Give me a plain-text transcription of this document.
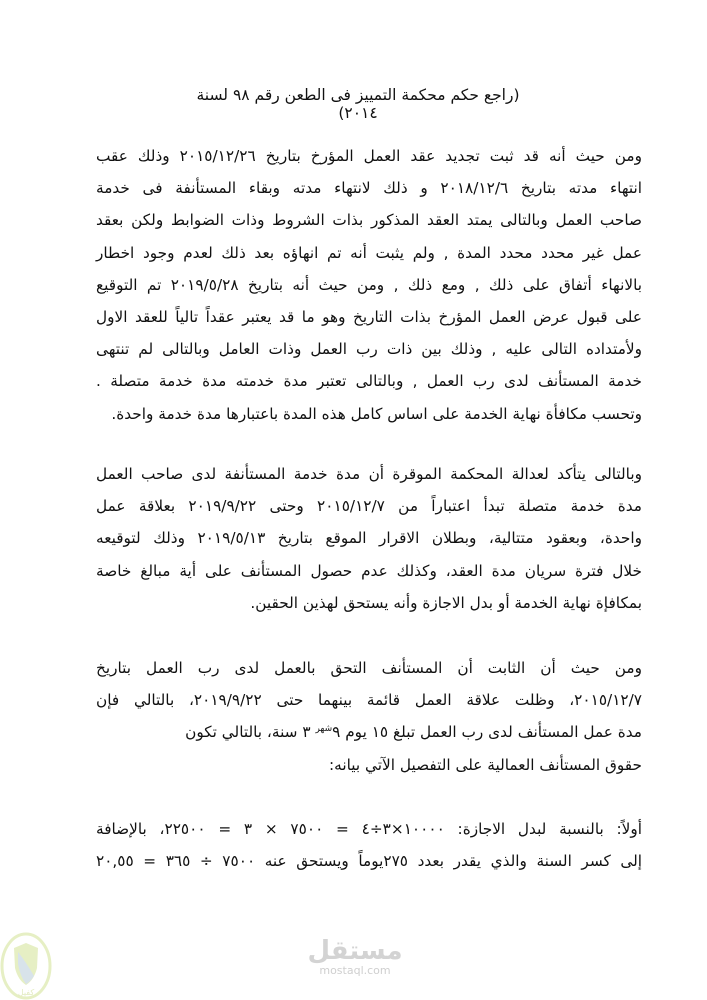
(راجع حكم محكمة التمييز فى الطعن رقم ٩٨ لسنة ٢٠١٤)
ومن حيث أنه قد ثبت تجديد عقد العمل المؤرخ بتاريخ ٢٠١٥/١٢/٢٦ وذلك عقب
انتهاء مدته بتاريخ ٢٠١٨/١٢/٦ و ذلك لانتهاء مدته وبقاء المستأنفة فى خدمة
صاحب العمل وبالتالى يمتد العقد المذكور بذات الشروط وذات الضوابط ولكن بعقد
عمل غير محدد محدد المدة , ولم يثبت أنه تم انهاؤه بعد ذلك لعدم وجود اخطار
بالانهاء أتفاق على ذلك , ومع ذلك , ومن حيث أنه بتاريخ ٢٠١٩/٥/٢٨ تم التوقيع
على قبول عرض العمل المؤرخ بذات التاريخ وهو ما قد يعتبر عقداً تالياً للعقد الاول
ولأمتداده التالى عليه , وذلك بين ذات رب العمل وذات العامل وبالتالى لم تنتهى
خدمة المستأنف لدى رب العمل , وبالتالى تعتبر مدة خدمته مدة خدمة متصلة .
وتحسب مكافأة نهاية الخدمة على اساس كامل هذه المدة باعتبارها مدة خدمة واحدة.
وبالتالى يتأكد لعدالة المحكمة الموقرة أن مدة خدمة المستأنفة لدى صاحب العمل
مدة خدمة متصلة تبدأ اعتباراً من ٢٠١٥/١٢/٧ وحتى ٢٠١٩/٩/٢٢ بعلاقة عمل
واحدة، وبعقود متتالية، وبطلان الاقرار الموقع بتاريخ ٢٠١٩/٥/١٣ وذلك لتوقيعه
خلال فترة سريان مدة العقد، وكذلك عدم حصول المستأنف على أية مبالغ خاصة
بمكافإة نهاية الخدمة أو بدل الاجازة وأنه يستحق لهذين الحقين.
ومن حيث أن الثابت أن المستأنف التحق بالعمل لدى رب العمل بتاريخ
٢٠١٥/١٢/٧، وظلت علاقة العمل قائمة بينهما حتى ٢٠١٩/٩/٢٢، بالتالي فإن
مدة عمل المستأنف لدى رب العمل تبلغ ١٥ يوم $٩^{شهر}$ ٣ سنة، بالتالي تكون
حقوق المستأنف العمالية على التفصيل الآتي بيانه:
أولاً: بالنسبة لبدل الاجازة: ١٠٠٠٠×٣÷٤ = ٧٥٠٠ × ٣ = ٢٢٥٠٠، بالإضافة
إلى كسر السنة والذي يقدر بعدد ٢٧٥يوماً ويستحق عنه ٧٥٠٠ ÷ ٣٦٥ = ٢٠,٥٥
كفيل
مستقل
mostaql.com
